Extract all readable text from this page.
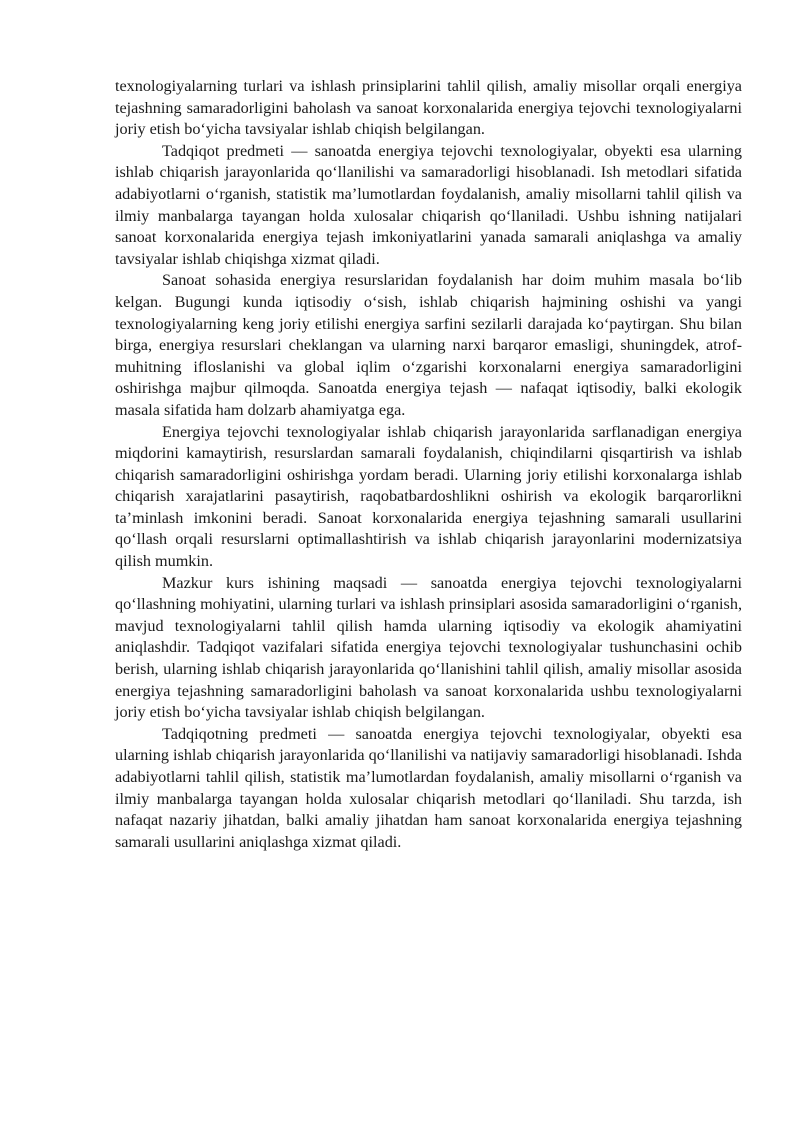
texnologiyalarning turlari va ishlash prinsiplarini tahlil qilish, amaliy misollar orqali energiya tejashning samaradorligini baholash va sanoat korxonalarida energiya tejovchi texnologiyalarni joriy etish bo‘yicha tavsiyalar ishlab chiqish belgilangan.

Tadqiqot predmeti — sanoatda energiya tejovchi texnologiyalar, obyekti esa ularning ishlab chiqarish jarayonlarida qo‘llanilishi va samaradorligi hisoblanadi. Ish metodlari sifatida adabiyotlarni o‘rganish, statistik ma’lumotlardan foydalanish, amaliy misollarni tahlil qilish va ilmiy manbalarga tayangan holda xulosalar chiqarish qo‘llaniladi. Ushbu ishning natijalari sanoat korxonalarida energiya tejash imkoniyatlarini yanada samarali aniqlashga va amaliy tavsiyalar ishlab chiqishga xizmat qiladi.

Sanoat sohasida energiya resurslaridan foydalanish har doim muhim masala bo‘lib kelgan. Bugungi kunda iqtisodiy o‘sish, ishlab chiqarish hajmining oshishi va yangi texnologiyalarning keng joriy etilishi energiya sarfini sezilarli darajada ko‘paytirgan. Shu bilan birga, energiya resurslari cheklangan va ularning narxi barqaror emasligi, shuningdek, atrof-muhitning ifloslanishi va global iqlim o‘zgarishi korxonalarni energiya samaradorligini oshirishga majbur qilmoqda. Sanoatda energiya tejash — nafaqat iqtisodiy, balki ekologik masala sifatida ham dolzarb ahamiyatga ega.

Energiya tejovchi texnologiyalar ishlab chiqarish jarayonlarida sarflanadigan energiya miqdorini kamaytirish, resurslardan samarali foydalanish, chiqindilarni qisqartirish va ishlab chiqarish samaradorligini oshirishga yordam beradi. Ularning joriy etilishi korxonalarga ishlab chiqarish xarajatlarini pasaytirish, raqobatbardoshlikni oshirish va ekologik barqarorlikni ta’minlash imkonini beradi. Sanoat korxonalarida energiya tejashning samarali usullarini qo‘llash orqali resurslarni optimallashtirish va ishlab chiqarish jarayonlarini modernizatsiya qilish mumkin.

Mazkur kurs ishining maqsadi — sanoatda energiya tejovchi texnologiyalarni qo‘llashning mohiyatini, ularning turlari va ishlash prinsiplari asosida samaradorligini o‘rganish, mavjud texnologiyalarni tahlil qilish hamda ularning iqtisodiy va ekologik ahamiyatini aniqlashdir. Tadqiqot vazifalari sifatida energiya tejovchi texnologiyalar tushunchasini ochib berish, ularning ishlab chiqarish jarayonlarida qo‘llanishini tahlil qilish, amaliy misollar asosida energiya tejashning samaradorligini baholash va sanoat korxonalarida ushbu texnologiyalarni joriy etish bo‘yicha tavsiyalar ishlab chiqish belgilangan.

Tadqiqotning predmeti — sanoatda energiya tejovchi texnologiyalar, obyekti esa ularning ishlab chiqarish jarayonlarida qo‘llanilishi va natijaviy samaradorligi hisoblanadi. Ishda adabiyotlarni tahlil qilish, statistik ma’lumotlardan foydalanish, amaliy misollarni o‘rganish va ilmiy manbalarga tayangan holda xulosalar chiqarish metodlari qo‘llaniladi. Shu tarzda, ish nafaqat nazariy jihatdan, balki amaliy jihatdan ham sanoat korxonalarida energiya tejashning samarali usullarini aniqlashga xizmat qiladi.
